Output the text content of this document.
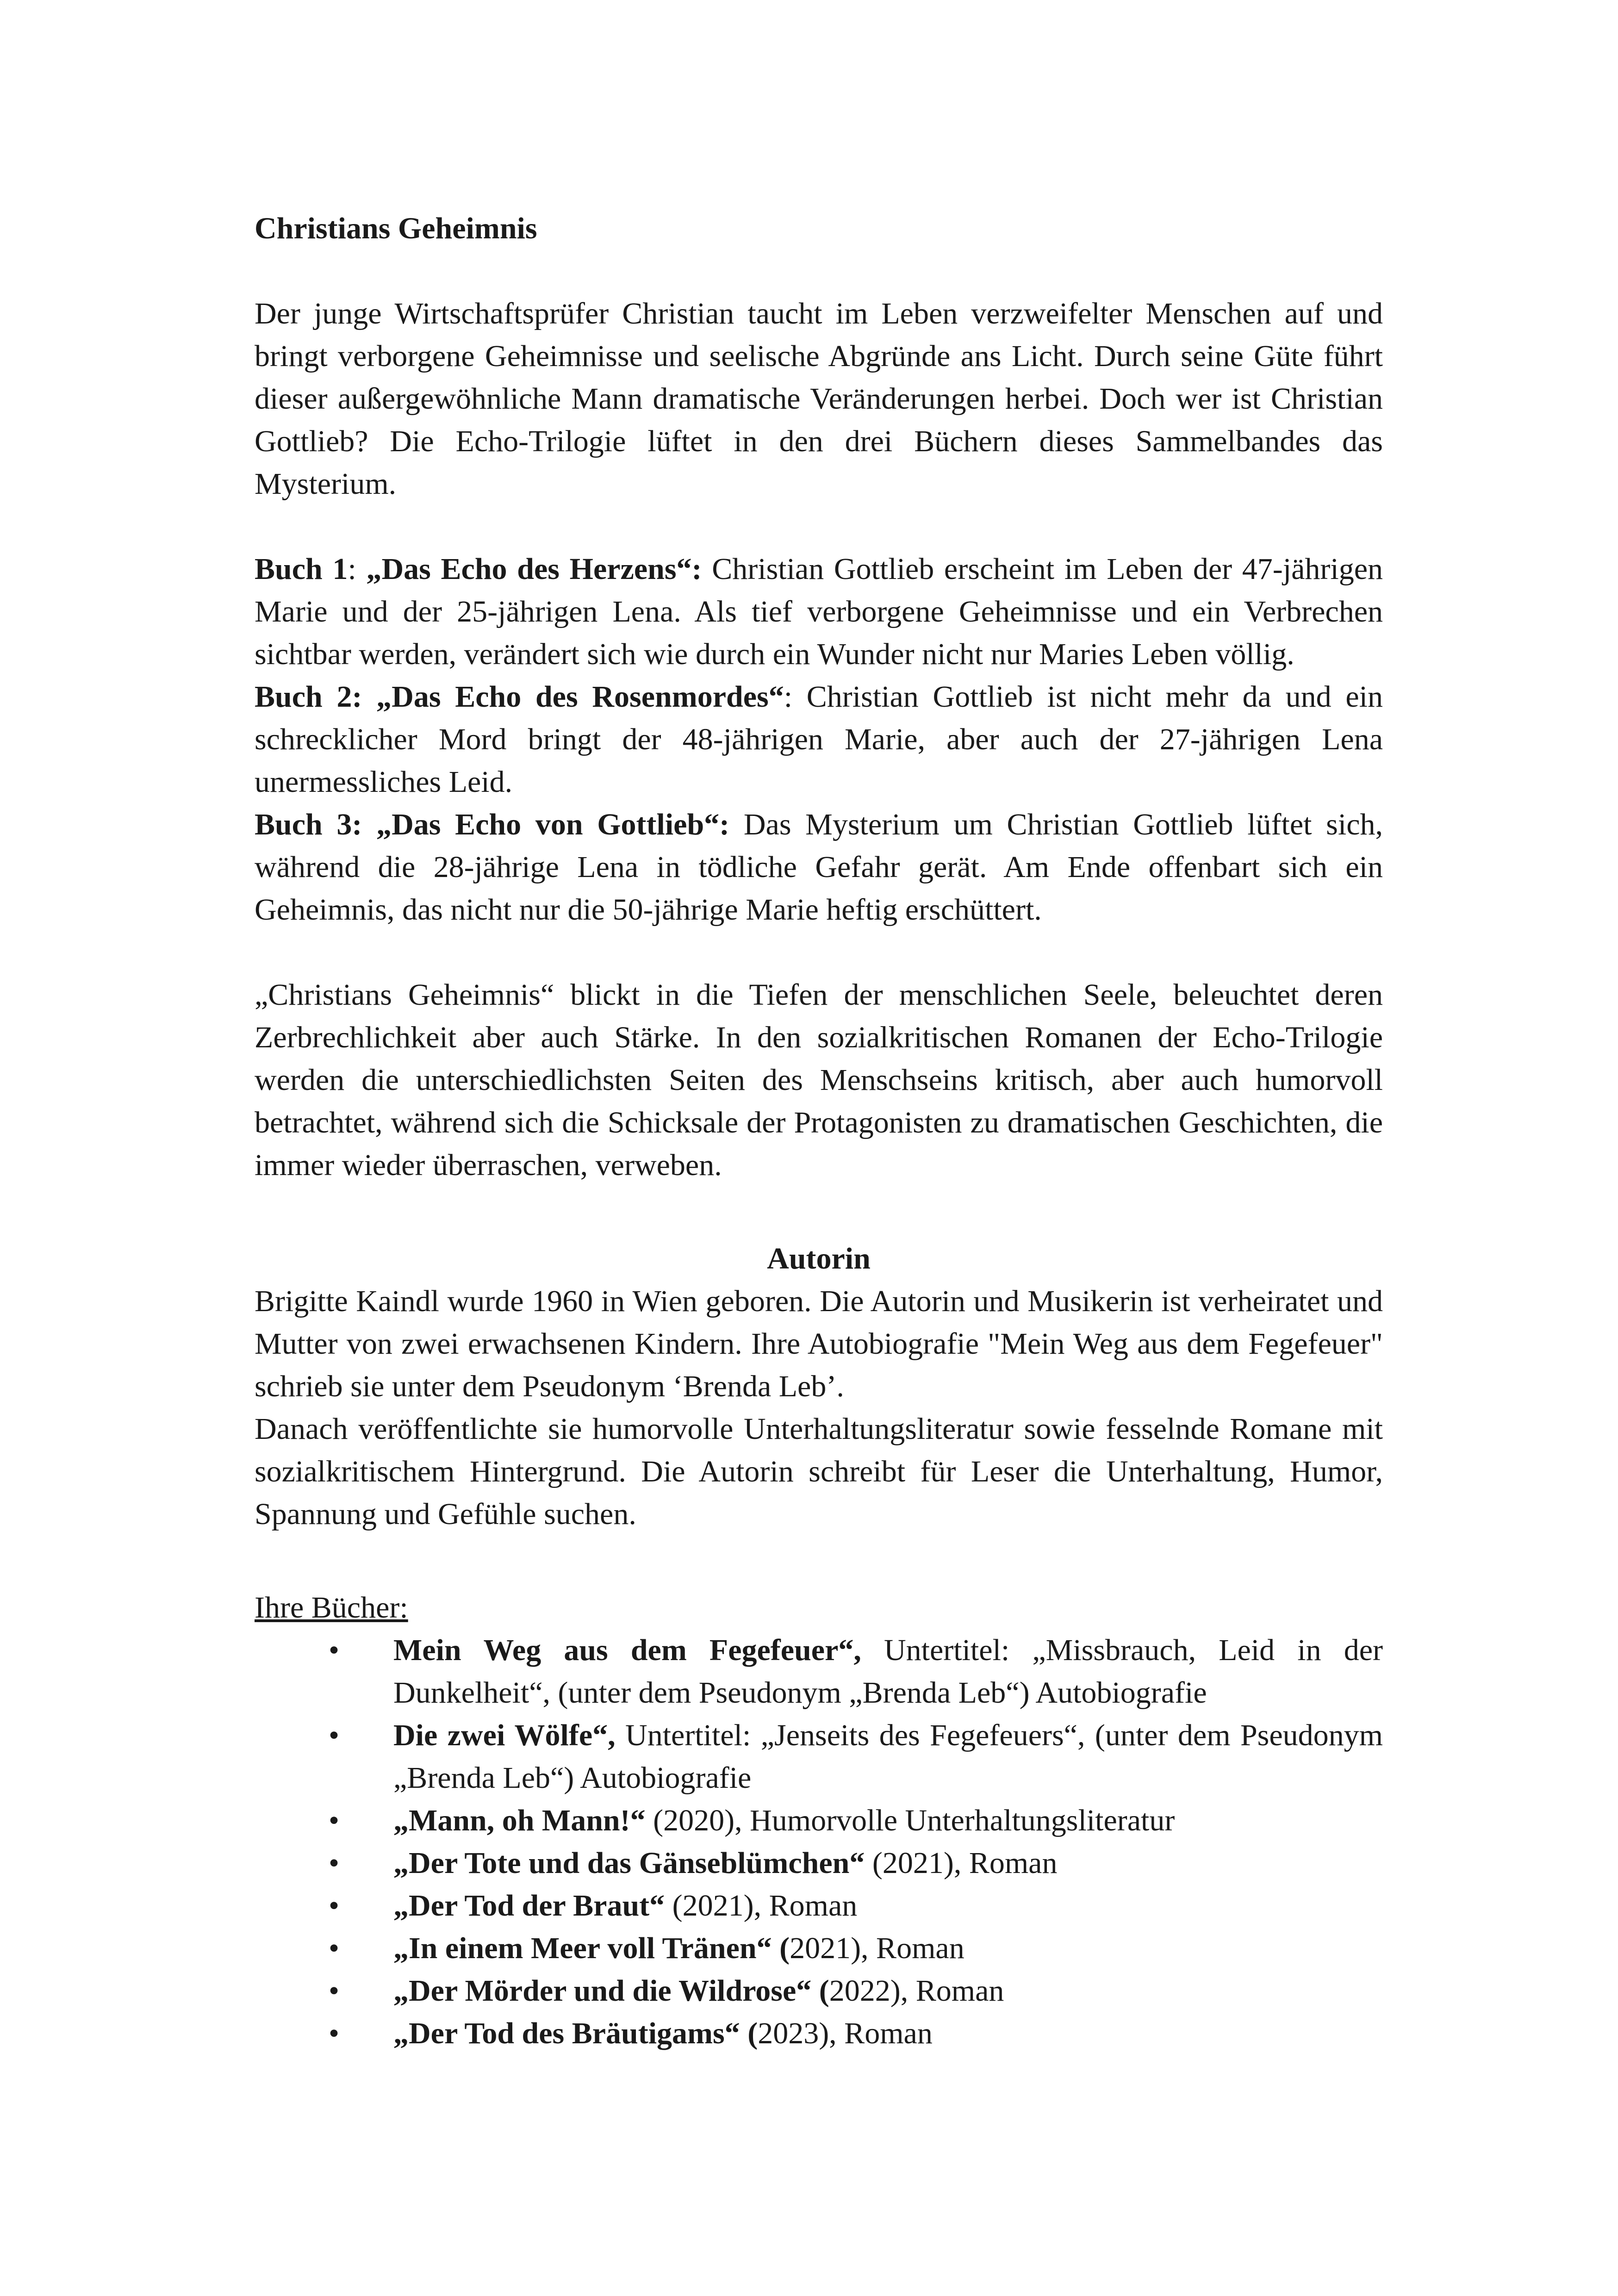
Christians Geheimnis

Der junge Wirtschaftsprüfer Christian taucht im Leben verzweifelter Menschen auf und bringt verborgene Geheimnisse und seelische Abgründe ans Licht. Durch seine Güte führt dieser außergewöhnliche Mann dramatische Veränderungen herbei. Doch wer ist Christian Gottlieb? Die Echo-Trilogie lüftet in den drei Büchern dieses Sammelbandes das Mysterium.

Buch 1: „Das Echo des Herzens“: Christian Gottlieb erscheint im Leben der 47-jährigen Marie und der 25-jährigen Lena. Als tief verborgene Geheimnisse und ein Verbrechen sichtbar werden, verändert sich wie durch ein Wunder nicht nur Maries Leben völlig.

Buch 2: „Das Echo des Rosenmordes“: Christian Gottlieb ist nicht mehr da und ein schrecklicher Mord bringt der 48-jährigen Marie, aber auch der 27-jährigen Lena unermessliches Leid.

Buch 3: „Das Echo von Gottlieb“: Das Mysterium um Christian Gottlieb lüftet sich, während die 28-jährige Lena in tödliche Gefahr gerät. Am Ende offenbart sich ein Geheimnis, das nicht nur die 50-jährige Marie heftig erschüttert.

„Christians Geheimnis“ blickt in die Tiefen der menschlichen Seele, beleuchtet deren Zerbrechlichkeit aber auch Stärke. In den sozialkritischen Romanen der Echo-Trilogie werden die unterschiedlichsten Seiten des Menschseins kritisch, aber auch humorvoll betrachtet, während sich die Schicksale der Protagonisten zu dramatischen Geschichten, die immer wieder überraschen, verweben.

Autorin

Brigitte Kaindl wurde 1960 in Wien geboren. Die Autorin und Musikerin ist verheiratet und Mutter von zwei erwachsenen Kindern. Ihre Autobiografie "Mein Weg aus dem Fegefeuer" schrieb sie unter dem Pseudonym ‘Brenda Leb’.

Danach veröffentlichte sie humorvolle Unterhaltungsliteratur sowie fesselnde Romane mit sozialkritischem Hintergrund. Die Autorin schreibt für Leser die Unterhaltung, Humor, Spannung und Gefühle suchen.

Ihre Bücher:

•	Mein Weg aus dem Fegefeuer“, Untertitel: „Missbrauch, Leid in der Dunkelheit“, (unter dem Pseudonym „Brenda Leb“) Autobiografie
•	Die zwei Wölfe“, Untertitel: „Jenseits des Fegefeuers“, (unter dem Pseudonym „Brenda Leb“) Autobiografie
•	„Mann, oh Mann!“ (2020), Humorvolle Unterhaltungsliteratur
•	„Der Tote und das Gänseblümchen“ (2021), Roman
•	„Der Tod der Braut“ (2021), Roman
•	„In einem Meer voll Tränen“ (2021), Roman
•	„Der Mörder und die Wildrose“ (2022), Roman
•	„Der Tod des Bräutigams“ (2023), Roman
